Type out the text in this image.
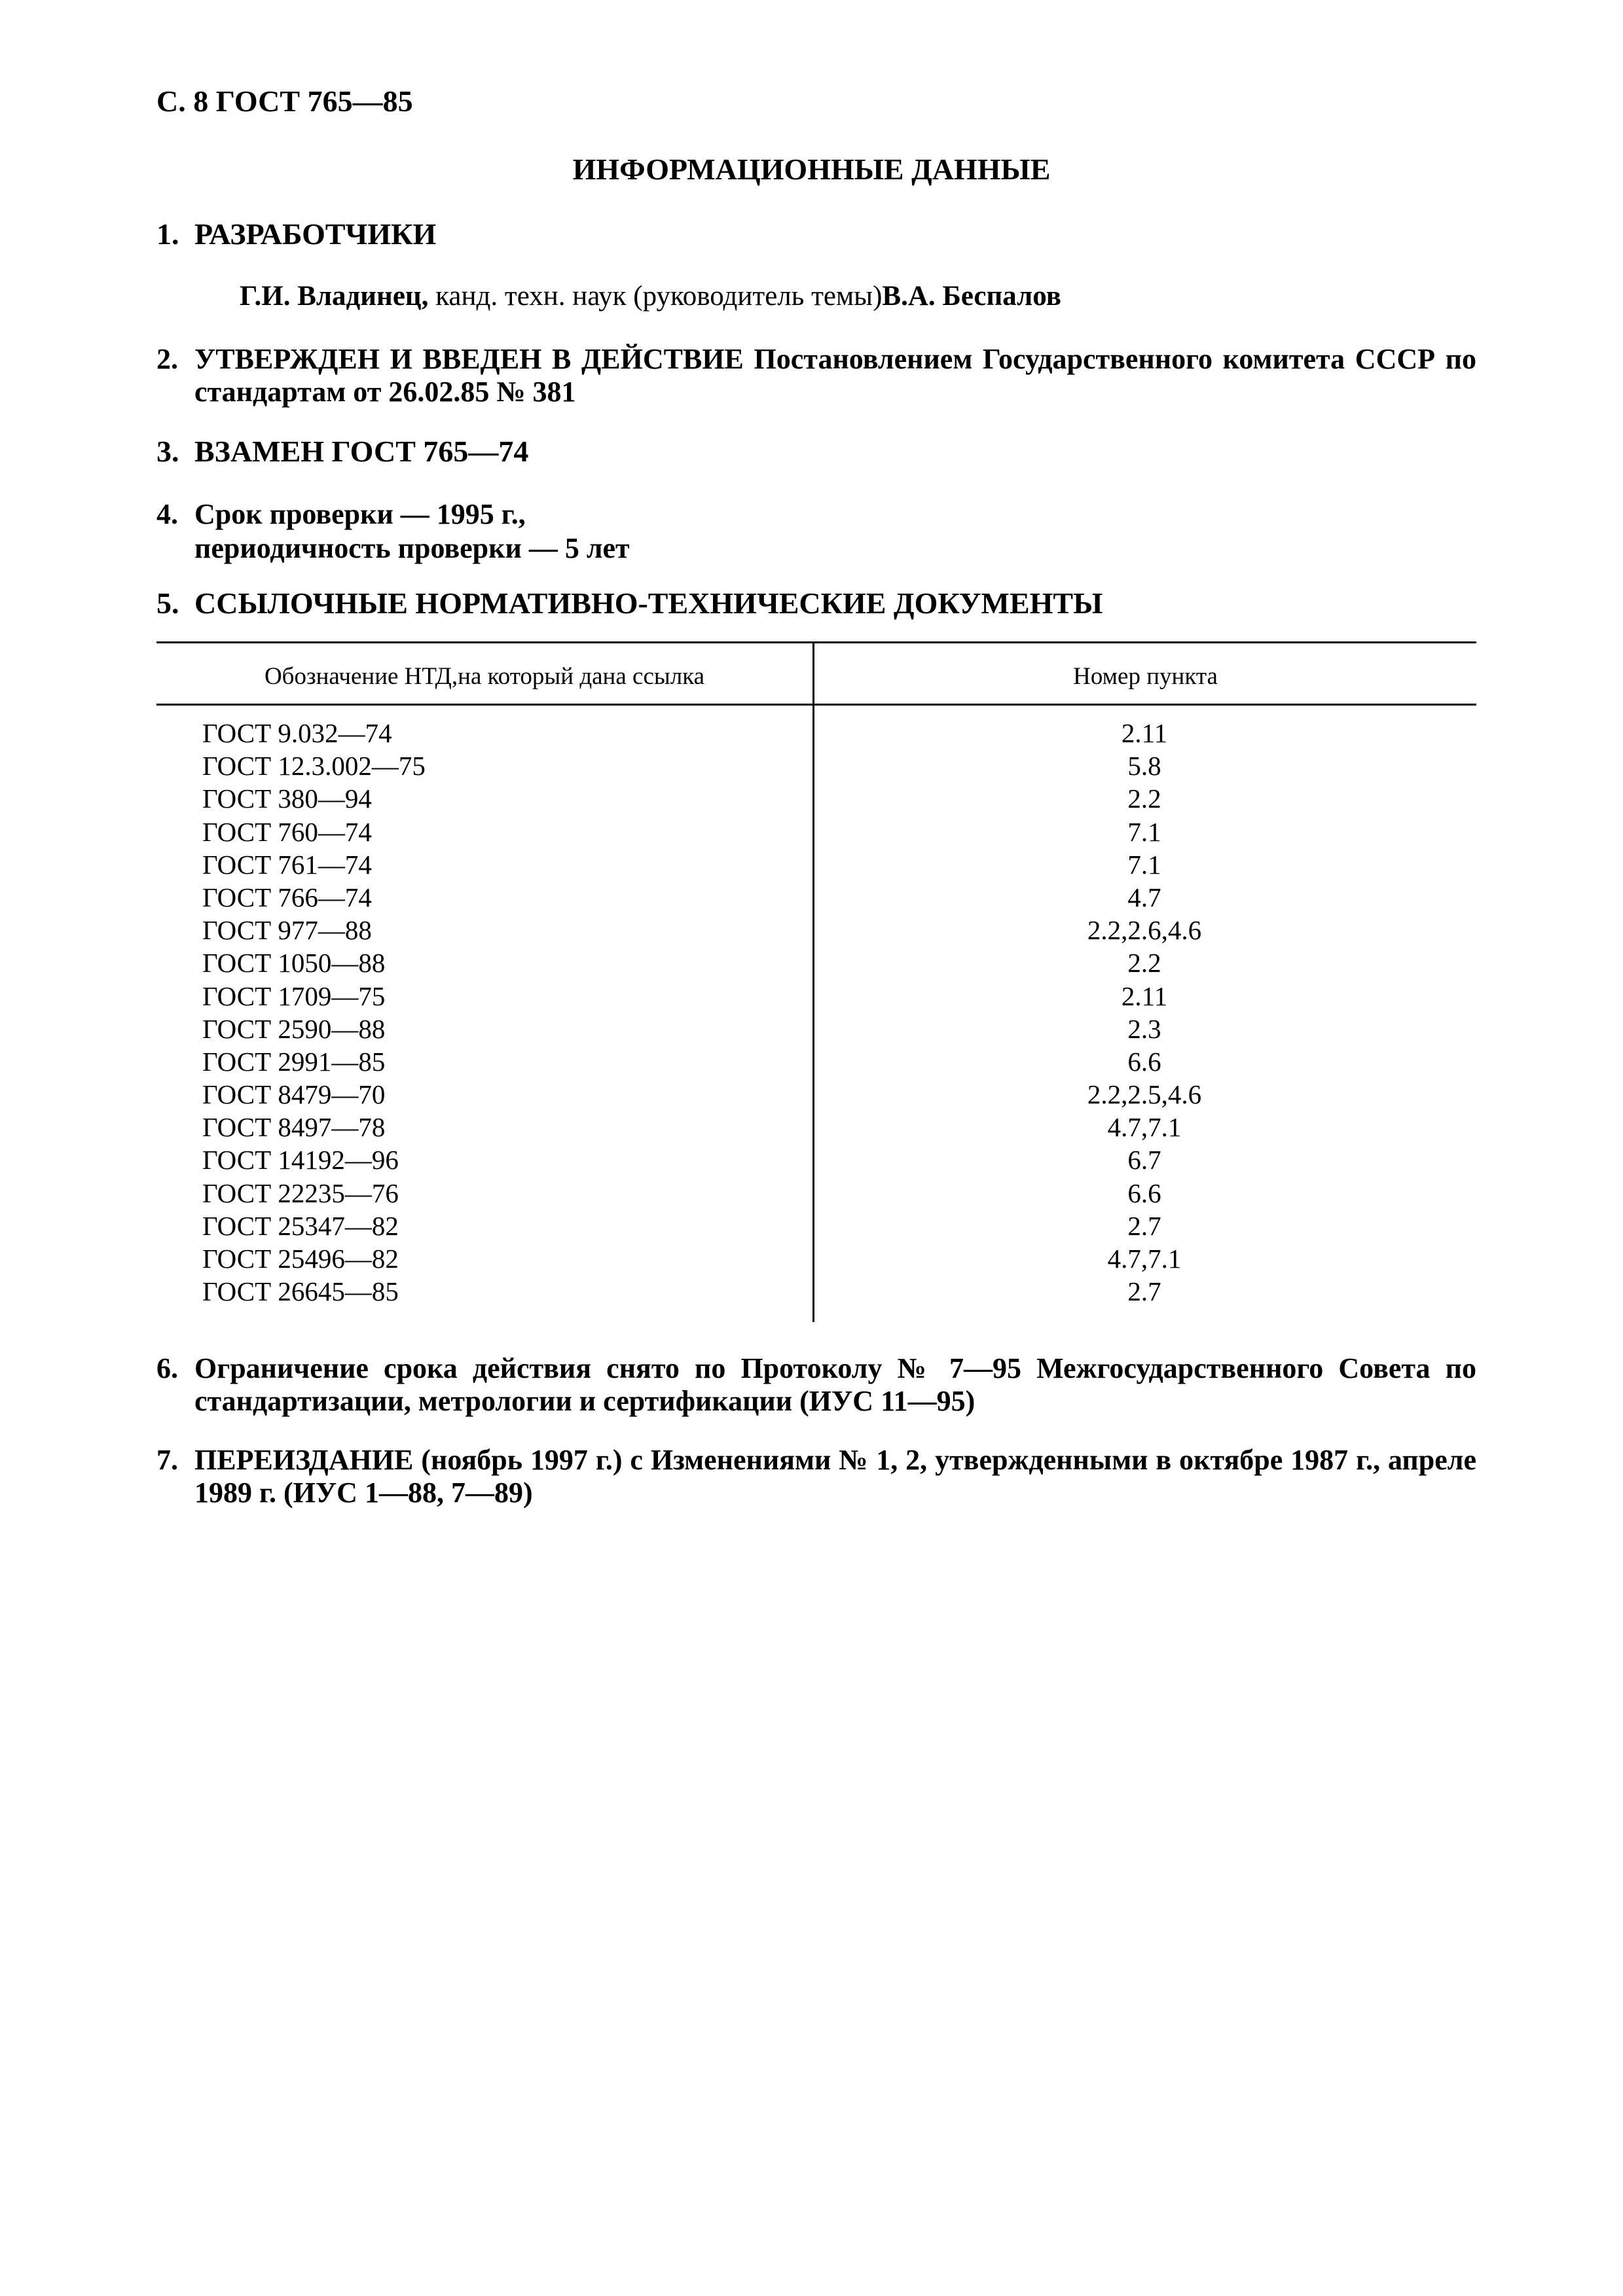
С. 8 ГОСТ 765—85
ИНФОРМАЦИОННЫЕ ДАННЫЕ
1. РАЗРАБОТЧИКИ
Г.И. Владинец, канд. техн. наук (руководитель темы)В.А. Беспалов
2. УТВЕРЖДЕН И ВВЕДЕН В ДЕЙСТВИЕ Постановлением Государственного комитета СССР по стандартам от 26.02.85 № 381
3. ВЗАМЕН ГОСТ 765—74
4. Срок проверки — 1995 г.,
периодичность проверки — 5 лет
5. ССЫЛОЧНЫЕ НОРМАТИВНО-ТЕХНИЧЕСКИЕ ДОКУМЕНТЫ
Обозначение НТД,на который дана ссылка	Номер пункта
ГОСТ 9.032—74	2.11
ГОСТ 12.3.002—75	5.8
ГОСТ 380—94	2.2
ГОСТ 760—74	7.1
ГОСТ 761—74	7.1
ГОСТ 766—74	4.7
ГОСТ 977—88	2.2,2.6,4.6
ГОСТ 1050—88	2.2
ГОСТ 1709—75	2.11
ГОСТ 2590—88	2.3
ГОСТ 2991—85	6.6
ГОСТ 8479—70	2.2,2.5,4.6
ГОСТ 8497—78	4.7,7.1
ГОСТ 14192—96	6.7
ГОСТ 22235—76	6.6
ГОСТ 25347—82	2.7
ГОСТ 25496—82	4.7,7.1
ГОСТ 26645—85	2.7
6. Ограничение срока действия снято по Протоколу № 7—95 Межгосударственного Совета по стандартизации, метрологии и сертификации (ИУС 11—95)
7. ПЕРЕИЗДАНИЕ (ноябрь 1997 г.) с Изменениями № 1, 2, утвержденными в октябре 1987 г., апреле 1989 г. (ИУС 1—88, 7—89)
